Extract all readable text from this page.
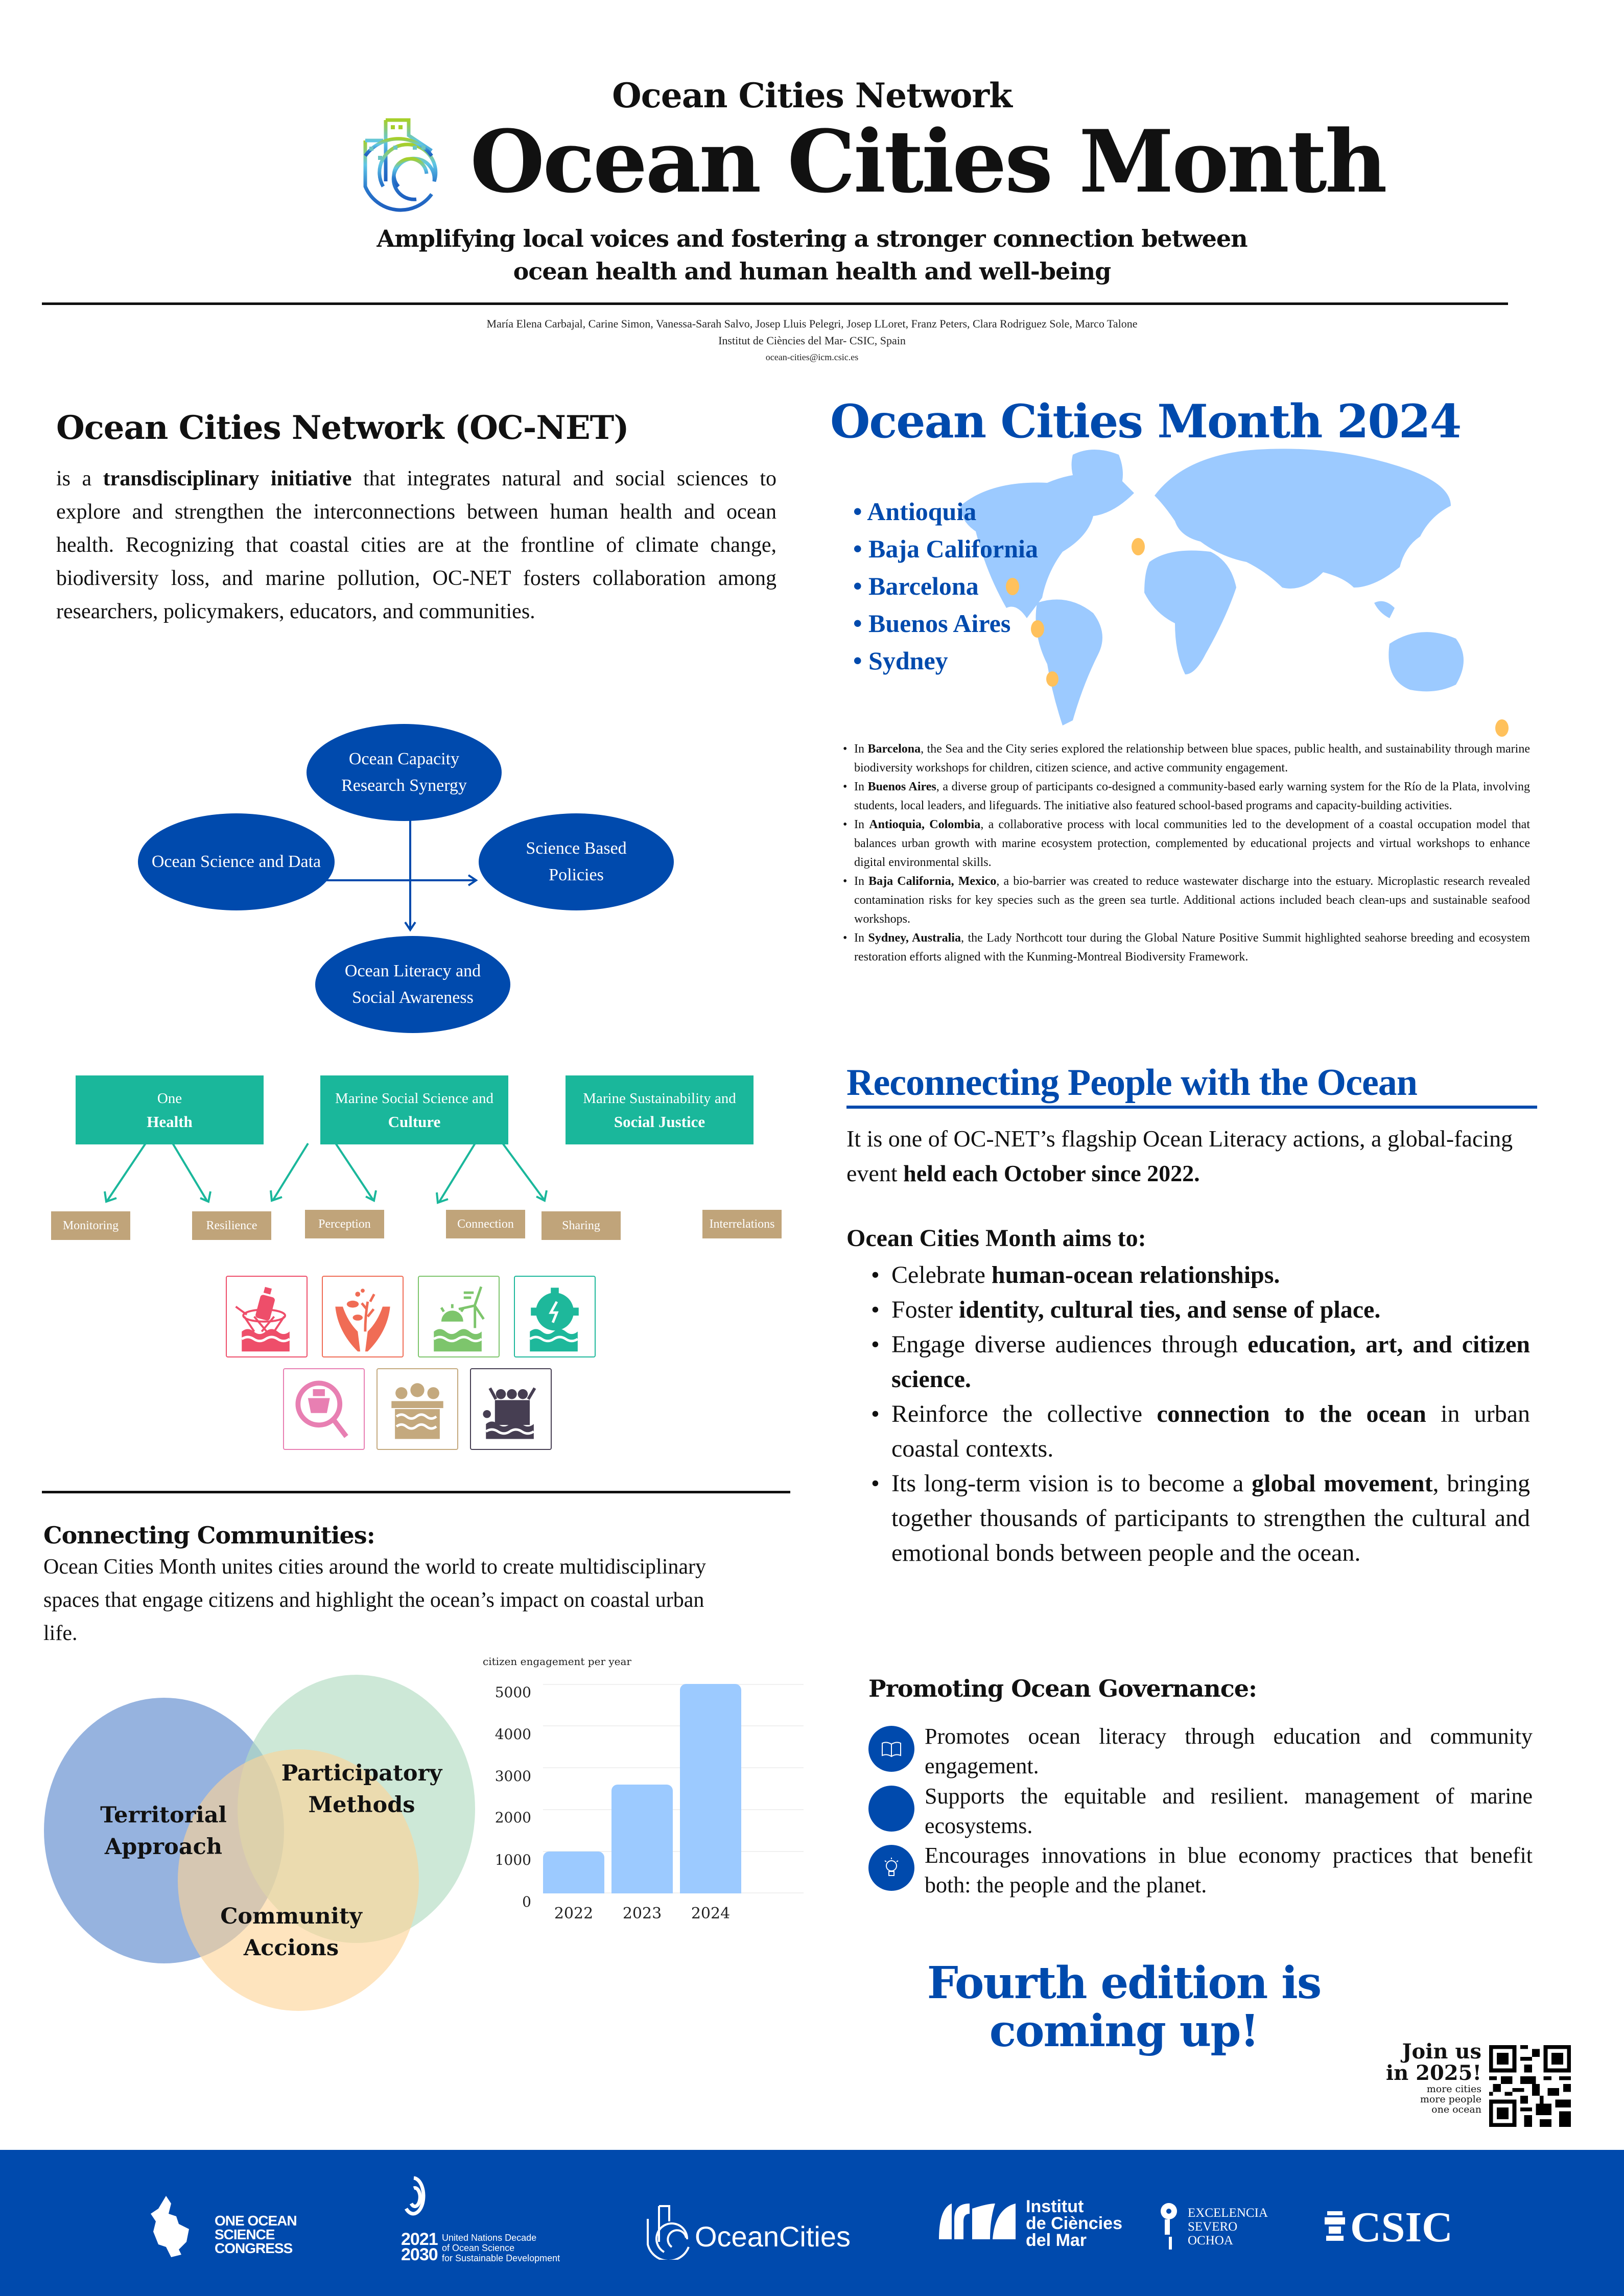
Ocean Cities Network
Ocean Cities Month
Amplifying local voices and fostering a stronger connection between
ocean health and human health and well-being
María Elena Carbajal, Carine Simon, Vanessa-Sarah Salvo, Josep Lluis Pelegri, Josep LLoret, Franz Peters, Clara Rodriguez Sole, Marco Talone
Institut de Ciències del Mar- CSIC, Spain
ocean-cities@icm.csic.es
Ocean Cities Network (OC-NET)
is a transdisciplinary initiative that integrates natural and social sciences to explore and strengthen the interconnections between human health and ocean health. Recognizing that coastal cities are at the frontline of climate change, biodiversity loss, and marine pollution, OC-NET fosters collaboration among researchers, policymakers, educators, and communities.
Ocean Capacity Research Synergy
Ocean Science and Data
Science Based Policies
Ocean Literacy and Social Awareness
One
Health
Marine Social Science and
Culture
Marine Sustainability and
Social Justice
Monitoring	Resilience	Perception	Connection	Sharing	Interrelations
Connecting Communities:
Ocean Cities Month unites cities around the world to create multidisciplinary spaces that engage citizens and highlight the ocean’s impact on coastal urban life.
Territorial Approach
Participatory Methods
Community Accions
citizen engagement per year
5000
4000
3000
2000
1000
0
2022	2023	2024
Ocean Cities Month 2024
• Antioquia
• Baja California
• Barcelona
• Buenos Aires
• Sydney
• In Barcelona, the Sea and the City series explored the relationship between blue spaces, public health, and sustainability through marine biodiversity workshops for children, citizen science, and active community engagement.
• In Buenos Aires, a diverse group of participants co-designed a community-based early warning system for the Río de la Plata, involving students, local leaders, and lifeguards. The initiative also featured school-based programs and capacity-building activities.
• In Antioquia, Colombia, a collaborative process with local communities led to the development of a coastal occupation model that balances urban growth with marine ecosystem protection, complemented by educational projects and virtual workshops to enhance digital environmental skills.
• In Baja California, Mexico, a bio-barrier was created to reduce wastewater discharge into the estuary. Microplastic research revealed contamination risks for key species such as the green sea turtle. Additional actions included beach clean-ups and sustainable seafood workshops.
• In Sydney, Australia, the Lady Northcott tour during the Global Nature Positive Summit highlighted seahorse breeding and ecosystem restoration efforts aligned with the Kunming-Montreal Biodiversity Framework.
Reconnecting People with the Ocean
It is one of OC-NET’s flagship Ocean Literacy actions, a global-facing event held each October since 2022.
Ocean Cities Month aims to:
• Celebrate human-ocean relationships.
• Foster identity, cultural ties, and sense of place.
• Engage diverse audiences through education, art, and citizen science.
• Reinforce the collective connection to the ocean in urban coastal contexts.
• Its long-term vision is to become a global movement, bringing together thousands of participants to strengthen the cultural and emotional bonds between people and the ocean.
Promoting Ocean Governance:
Promotes ocean literacy through education and community engagement.
Supports the equitable and resilient. management of marine ecosystems.
Encourages innovations in blue economy practices that benefit both: the people and the planet.
Fourth edition is coming up!	Join us
in 2025!
more cities
more people
one ocean
ONE OCEAN
SCIENCE
CONGRESS	2021
2030
United Nations Decade
of Ocean Science
for Sustainable Development
OceanCities
Institut
de Ciències
del Mar
EXCELENCIA
SEVERO
OCHOA	CSIC
